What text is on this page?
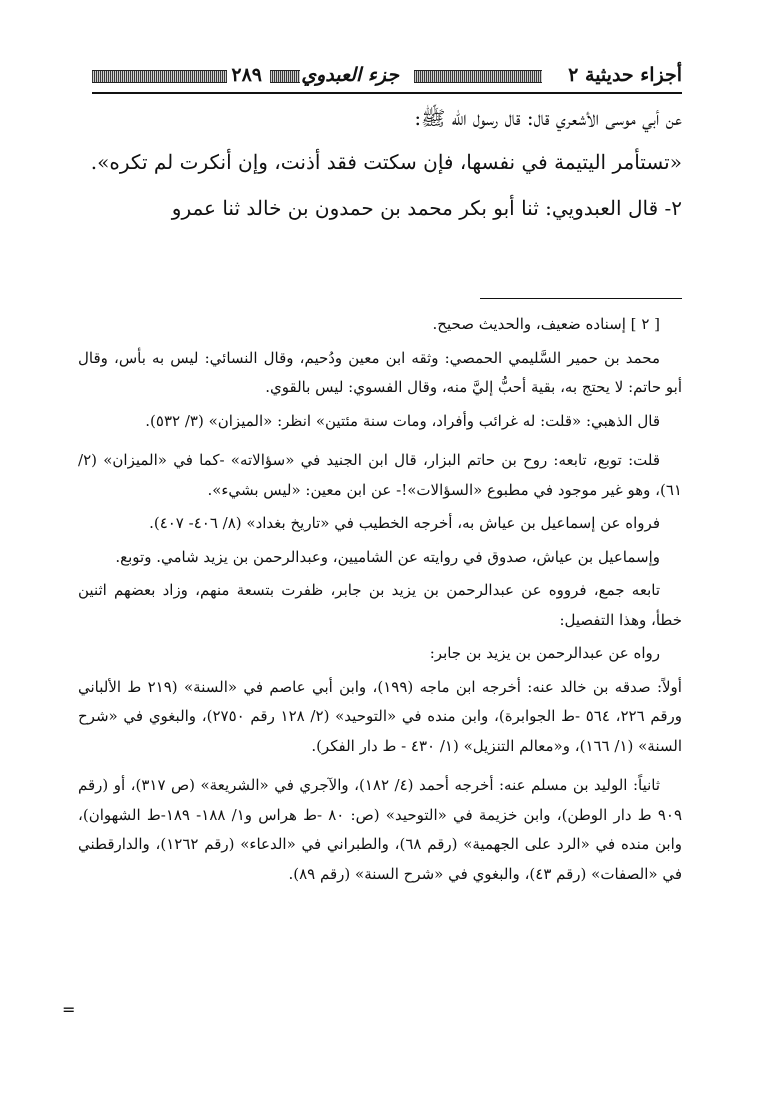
أجزاء حديثية ٢
جزء العبدوي
٢٨٩

عن أبي موسى الأشعري قال: قال رسول الله ﷺ:

«تستأمر اليتيمة في نفسها، فإن سكتت فقد أذنت، وإن أنكرت لم تكره».

٢- قال العبدويي: ثنا أبو بكر محمد بن حمدون بن خالد ثنا عمرو

[ ٢ ] إسناده ضعيف، والحديث صحيح.

محمد بن حمير السَّليمي الحمصي: وثقه ابن معين ودُحيم، وقال النسائي: ليس به بأس، وقال أبو حاتم: لا يحتج به، بقية أحبُّ إليَّ منه، وقال الفسوي: ليس بالقوي.

قال الذهبي: «قلت: له غرائب وأفراد، ومات سنة مئتين» انظر: «الميزان» (٣/ ٥٣٢).

قلت: توبع، تابعه: روح بن حاتم البزار، قال ابن الجنيد في «سؤالاته» -كما في «الميزان» (٢/ ٦١)، وهو غير موجود في مطبوع «السؤالات»!- عن ابن معين: «ليس بشيء».

فرواه عن إسماعيل بن عياش به، أخرجه الخطيب في «تاريخ بغداد» (٨/ ٤٠٦- ٤٠٧).

وإسماعيل بن عياش، صدوق في روايته عن الشاميين، وعبدالرحمن بن يزيد شامي. وتوبع.

تابعه جمع، فرووه عن عبدالرحمن بن يزيد بن جابر، ظفرت بتسعة منهم، وزاد بعضهم اثنين خطأ، وهذا التفصيل:

رواه عن عبدالرحمن بن يزيد بن جابر:

أولاً: صدقه بن خالد عنه: أخرجه ابن ماجه (١٩٩)، وابن أبي عاصم في «السنة» (٢١٩ ط الألباني ورقم ٢٢٦، ٥٦٤ -ط الجوابرة)، وابن منده في «التوحيد» (٢/ ١٢٨ رقم ٢٧٥٠)، والبغوي في «شرح السنة» (١/ ١٦٦)، و«معالم التنزيل» (١/ ٤٣٠ - ط دار الفكر).

ثانياً: الوليد بن مسلم عنه: أخرجه أحمد (٤/ ١٨٢)، والآجري في «الشريعة» (ص ٣١٧)، أو (رقم ٩٠٩ ط دار الوطن)، وابن خزيمة في «التوحيد» (ص: ٨٠ -ط هراس و١/ ١٨٨- ١٨٩-ط الشهوان)، وابن منده في «الرد على الجهمية» (رقم ٦٨)، والطبراني في «الدعاء» (رقم ١٢٦٢)، والدارقطني في «الصفات» (رقم ٤٣)، والبغوي في «شرح السنة» (رقم ٨٩).

=
